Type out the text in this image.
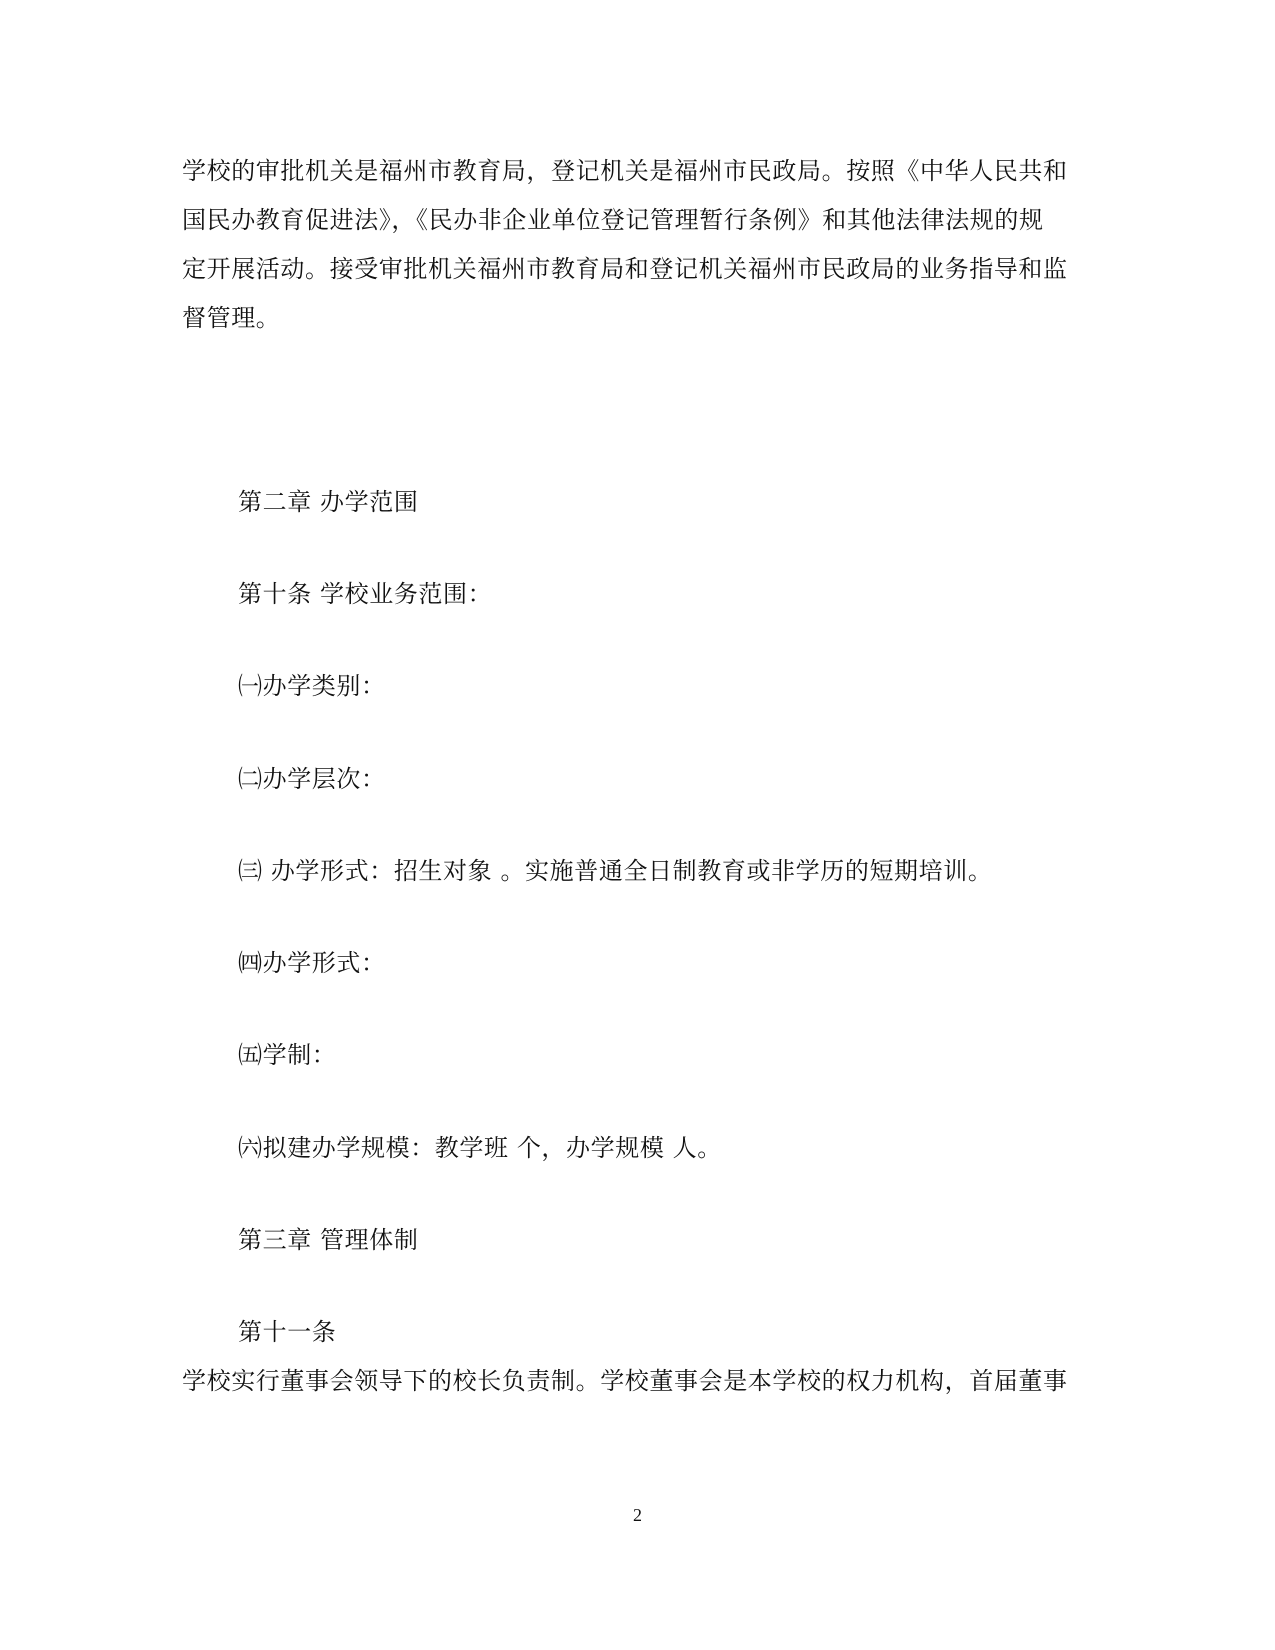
学校的审批机关是福州市教育局，登记机关是福州市民政局。按照《中华人民共和
国民办教育促进法》，《民办非企业单位登记管理暂行条例》和其他法律法规的规
定开展活动。接受审批机关福州市教育局和登记机关福州市民政局的业务指导和监
督管理。
第二章 办学范围
第十条 学校业务范围：
㈠办学类别：
㈡办学层次：
㈢ 办学形式：招生对象 。实施普通全日制教育或非学历的短期培训。
㈣办学形式：
㈤学制：
㈥拟建办学规模：教学班 个，办学规模 人。
第三章 管理体制
第十一条
学校实行董事会领导下的校长负责制。学校董事会是本学校的权力机构，首届董事
2
